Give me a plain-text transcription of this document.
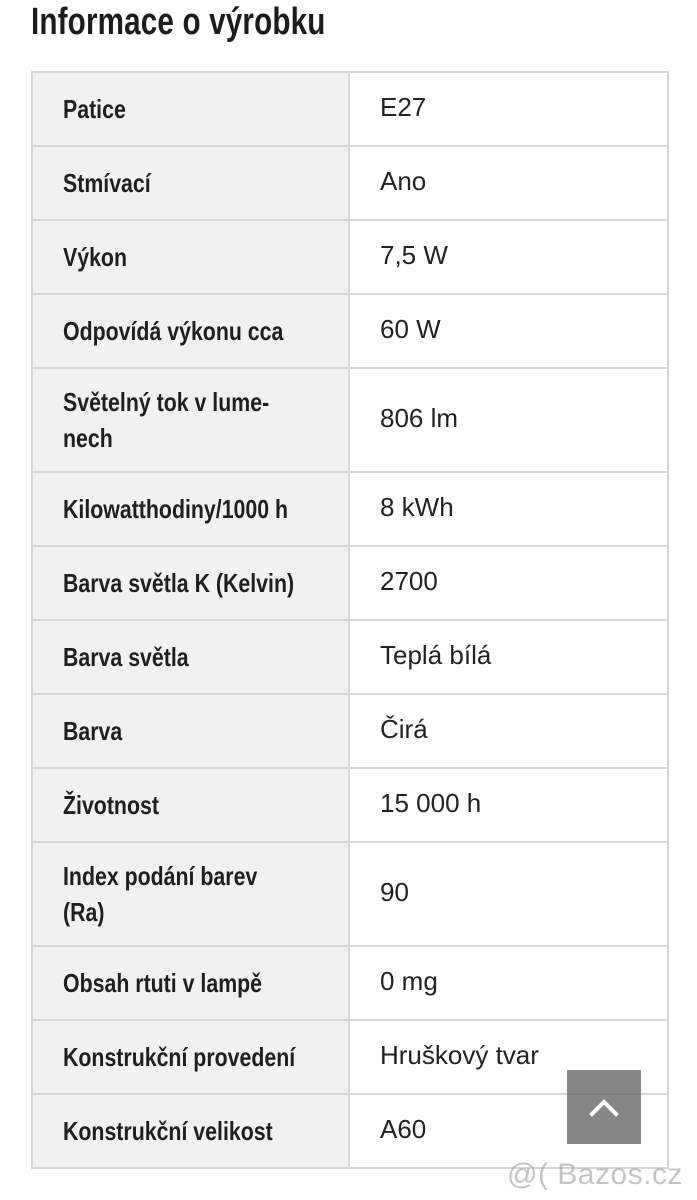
Informace o výrobku
Patice	E27

Stmívací	Ano

Výkon	7,5 W

Odpovídá výkonu cca	60 W

Světelný tok v lume-
nech	806 lm

Kilowatthodiny/1000 h	8 kWh

Barva světla K (Kelvin)	2700

Barva světla	Teplá bílá

Barva	Čirá

Životnost	15 000 h

Index podání barev
(Ra)	90

Obsah rtuti v lampě	0 mg

Konstrukční provedení	Hruškový tvar

Konstrukční velikost	A60
@( Bazos.cz
